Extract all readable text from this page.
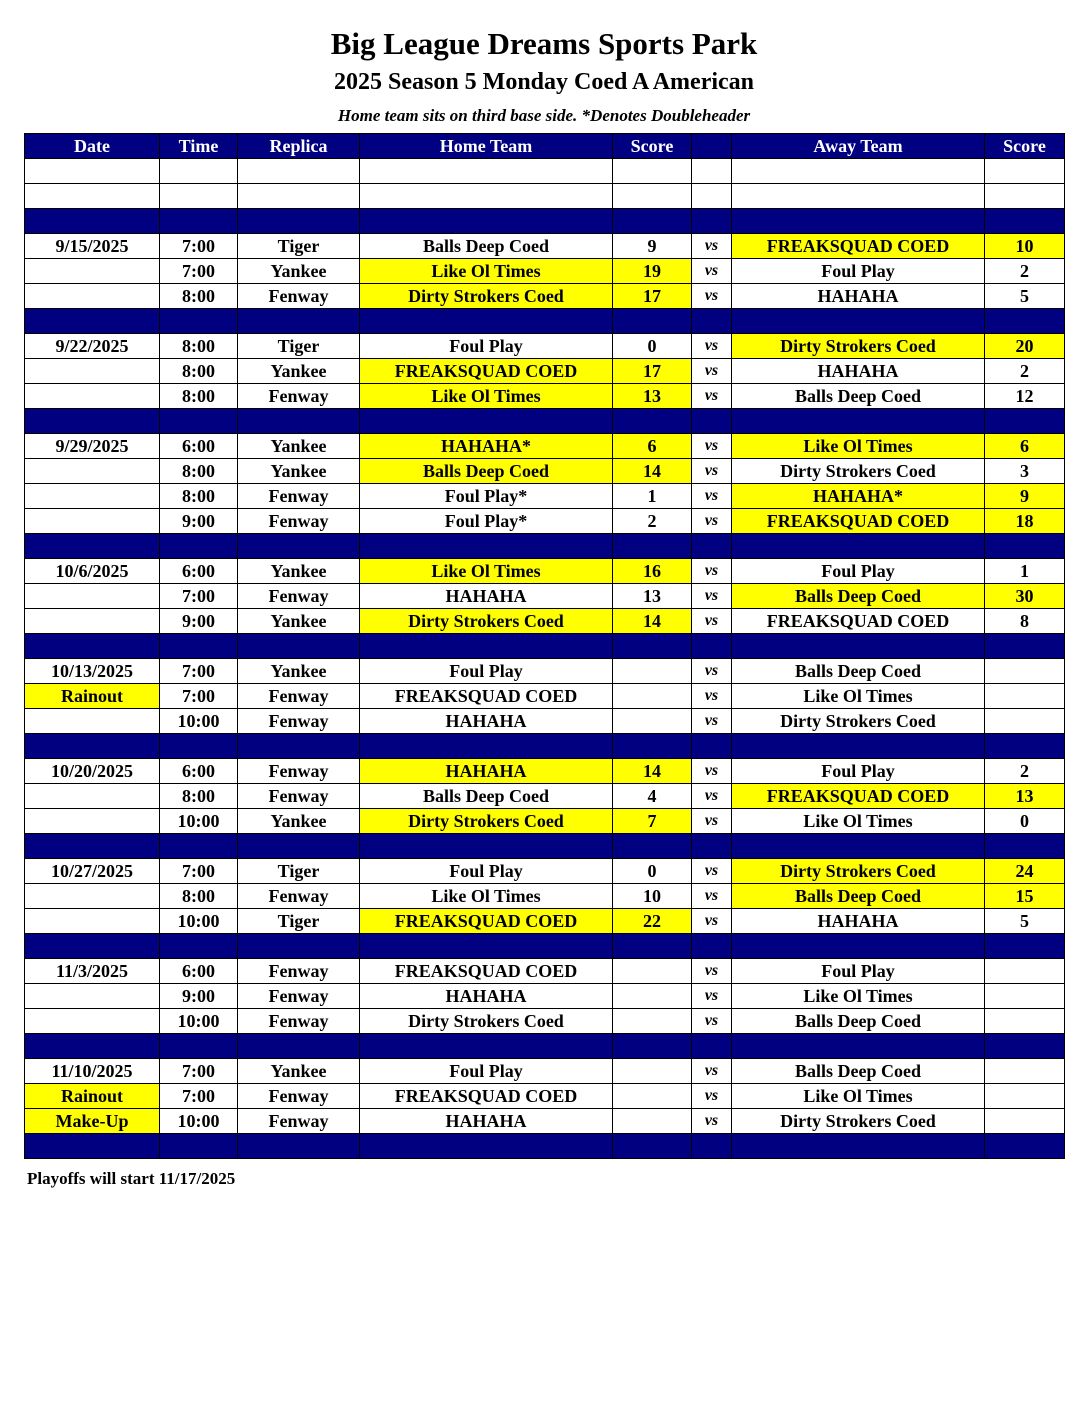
Big League Dreams Sports Park
2025 Season 5 Monday Coed A American
Home team sits on third base side. *Denotes Doubleheader
Date	Time	Replica	Home Team	Score		Away Team	Score

9/15/2025	7:00	Tiger	Balls Deep Coed	9	vs	FREAKSQUAD COED	10
	7:00	Yankee	Like Ol Times	19	vs	Foul Play	2
	8:00	Fenway	Dirty Strokers Coed	17	vs	HAHAHA	5

9/22/2025	8:00	Tiger	Foul Play	0	vs	Dirty Strokers Coed	20
	8:00	Yankee	FREAKSQUAD COED	17	vs	HAHAHA	2
	8:00	Fenway	Like Ol Times	13	vs	Balls Deep Coed	12

9/29/2025	6:00	Yankee	HAHAHA*	6	vs	Like Ol Times	6
	8:00	Yankee	Balls Deep Coed	14	vs	Dirty Strokers Coed	3
	8:00	Fenway	Foul Play*	1	vs	HAHAHA*	9
	9:00	Fenway	Foul Play*	2	vs	FREAKSQUAD COED	18

10/6/2025	6:00	Yankee	Like Ol Times	16	vs	Foul Play	1
	7:00	Fenway	HAHAHA	13	vs	Balls Deep Coed	30
	9:00	Yankee	Dirty Strokers Coed	14	vs	FREAKSQUAD COED	8

10/13/2025	7:00	Yankee	Foul Play		vs	Balls Deep Coed	
Rainout	7:00	Fenway	FREAKSQUAD COED		vs	Like Ol Times	
	10:00	Fenway	HAHAHA		vs	Dirty Strokers Coed	

10/20/2025	6:00	Fenway	HAHAHA	14	vs	Foul Play	2
	8:00	Fenway	Balls Deep Coed	4	vs	FREAKSQUAD COED	13
	10:00	Yankee	Dirty Strokers Coed	7	vs	Like Ol Times	0

10/27/2025	7:00	Tiger	Foul Play	0	vs	Dirty Strokers Coed	24
	8:00	Fenway	Like Ol Times	10	vs	Balls Deep Coed	15
	10:00	Tiger	FREAKSQUAD COED	22	vs	HAHAHA	5

11/3/2025	6:00	Fenway	FREAKSQUAD COED		vs	Foul Play	
	9:00	Fenway	HAHAHA		vs	Like Ol Times	
	10:00	Fenway	Dirty Strokers Coed		vs	Balls Deep Coed	

11/10/2025	7:00	Yankee	Foul Play		vs	Balls Deep Coed	
Rainout	7:00	Fenway	FREAKSQUAD COED		vs	Like Ol Times	
Make-Up	10:00	Fenway	HAHAHA		vs	Dirty Strokers Coed	

Playoffs will start 11/17/2025
